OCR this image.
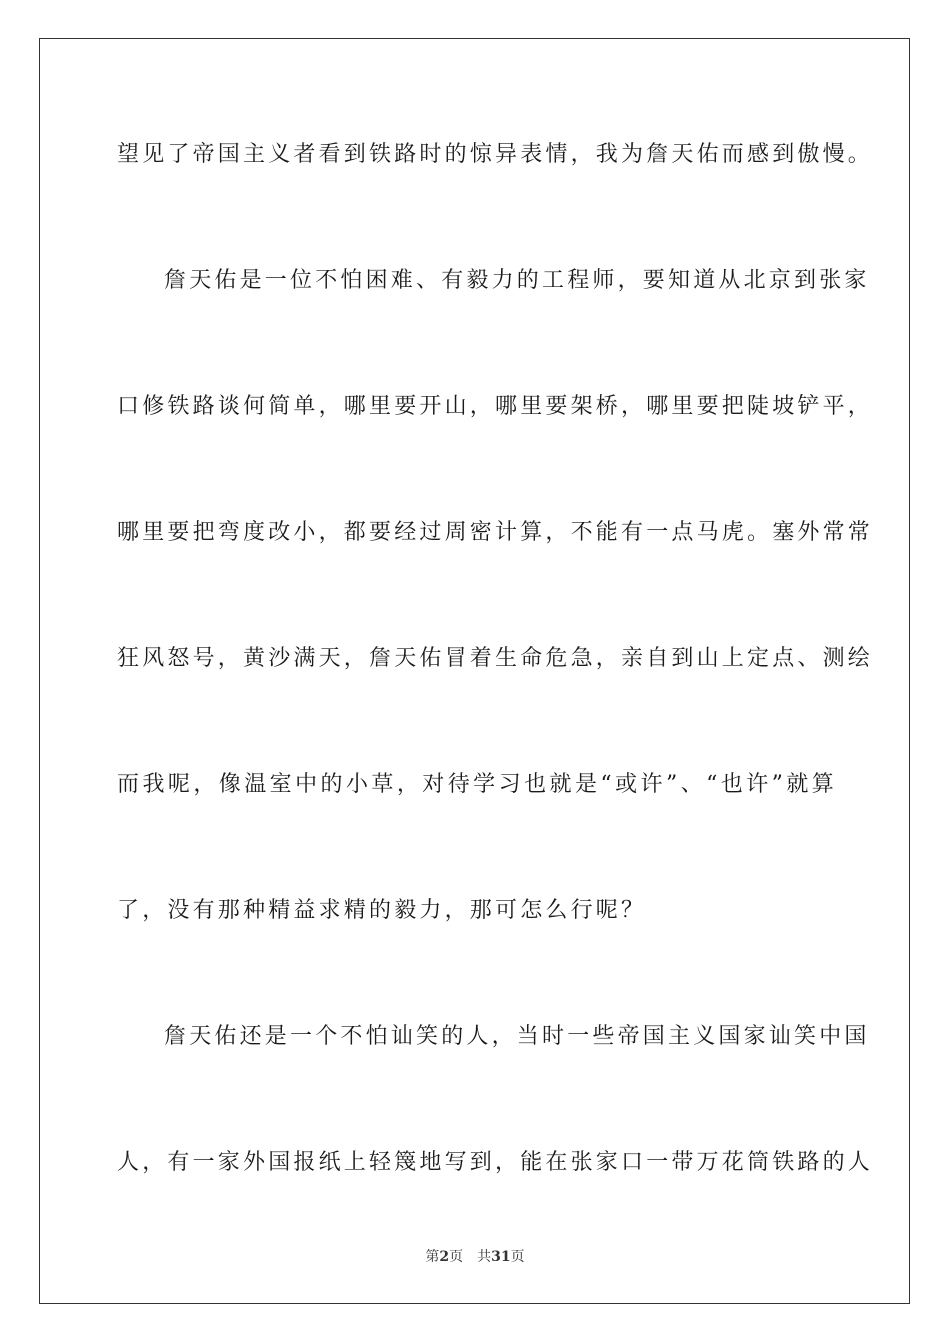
望见了帝国主义者看到铁路时的惊异表情，我为詹天佑而感到傲慢。
詹天佑是一位不怕困难、有毅力的工程师，要知道从北京到张家
口修铁路谈何简单，哪里要开山，哪里要架桥，哪里要把陡坡铲平，
哪里要把弯度改小，都要经过周密计算，不能有一点马虎。塞外常常
狂风怒号，黄沙满天，詹天佑冒着生命危急，亲自到山上定点、测绘
而我呢，像温室中的小草，对待学习也就是“或许”、“也许”就算
了，没有那种精益求精的毅力，那可怎么行呢？
詹天佑还是一个不怕讪笑的人，当时一些帝国主义国家讪笑中国
人，有一家外国报纸上轻篾地写到，能在张家口一带万花筒铁路的人
第2页 共31页
